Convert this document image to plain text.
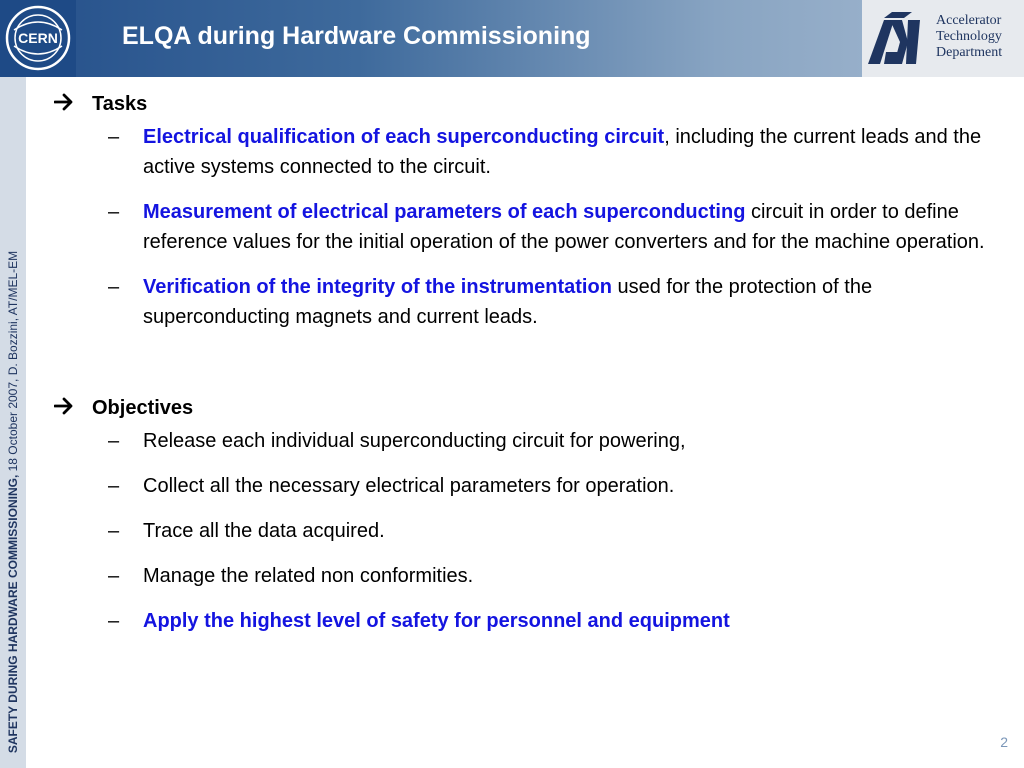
CERN	ELQA during Hardware Commissioning
Accelerator
Technology
Department
SAFETY DURING HARDWARE COMMISSIONING, 18 October 2007, D. Bozzini, AT/MEL-EM
Tasks
– Electrical qualification of each superconducting circuit, including the current leads and the active systems connected to the circuit.
– Measurement of electrical parameters of each superconducting circuit in order to define reference values for the initial operation of the power converters and for the machine operation.
– Verification of the integrity of the instrumentation used for the protection of the superconducting magnets and current leads.
Objectives
– Release each individual superconducting circuit for powering,
– Collect all the necessary electrical parameters for operation.
– Trace all the data acquired.
– Manage the related non conformities.
– Apply the highest level of safety for personnel and equipment
2
